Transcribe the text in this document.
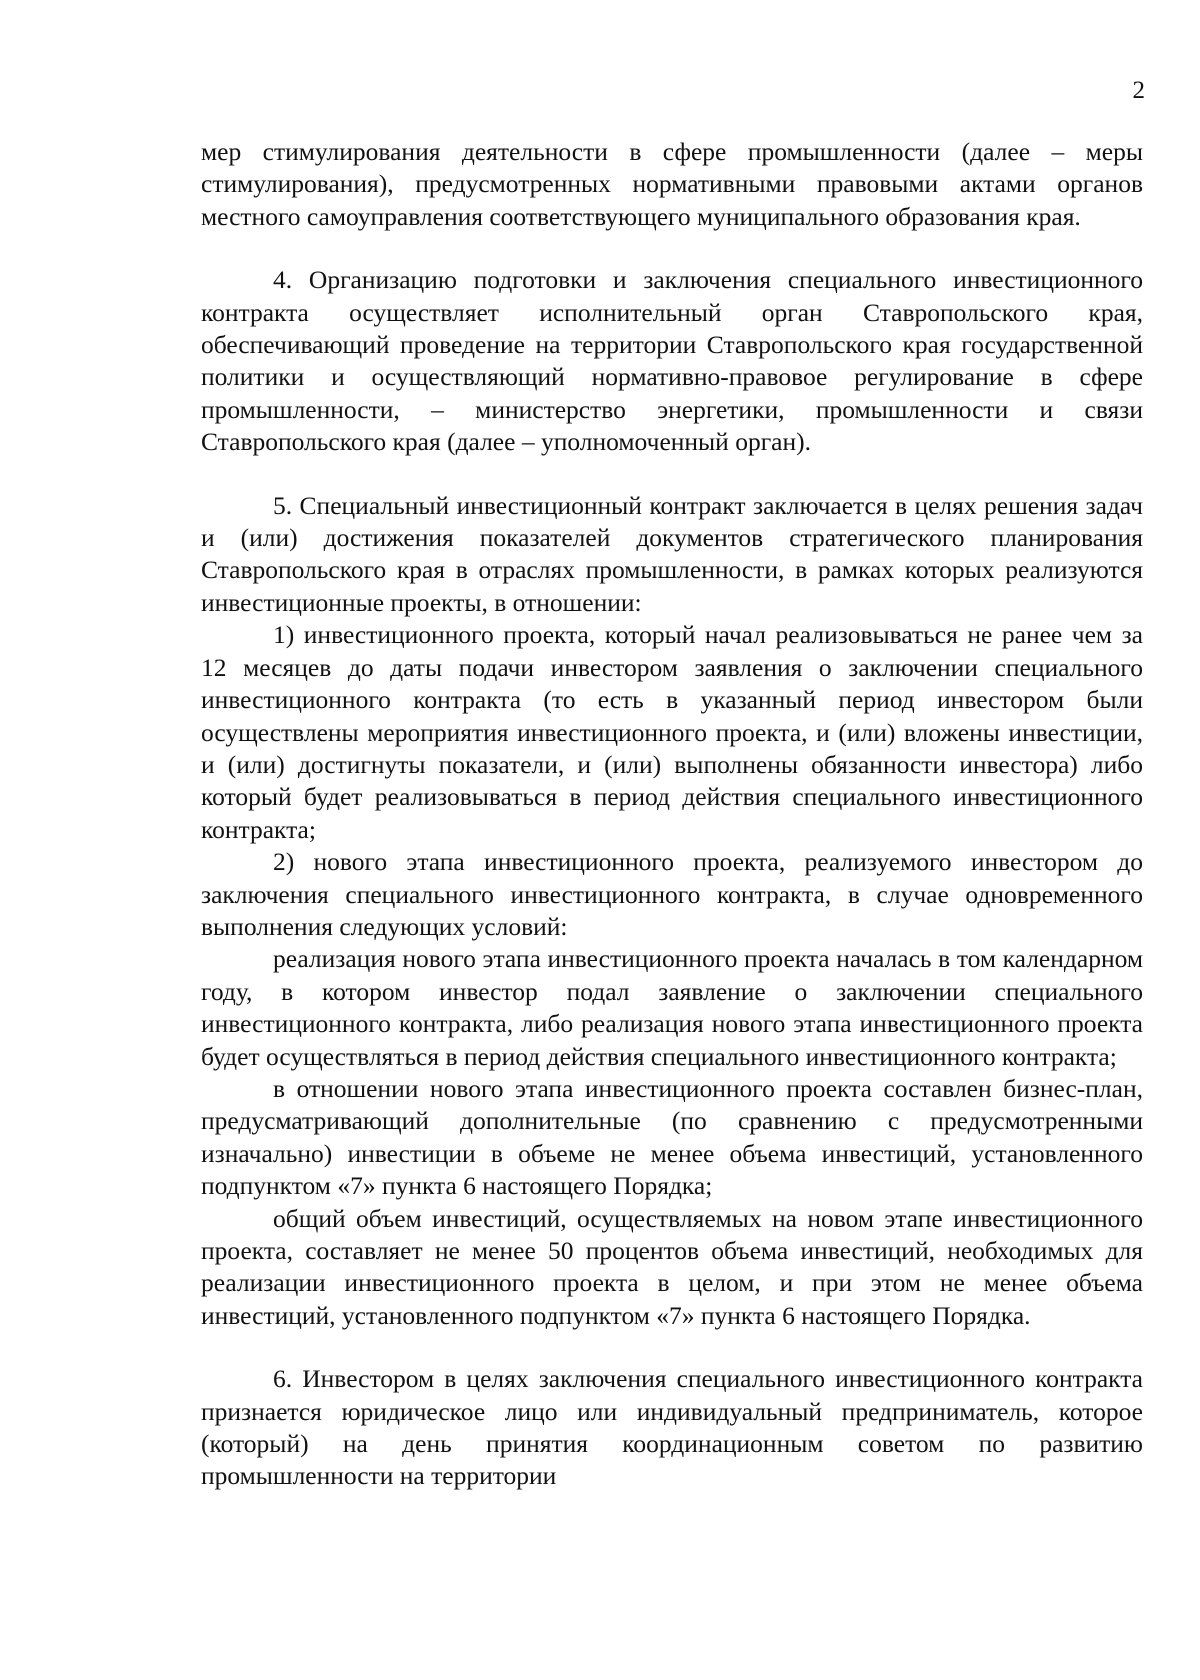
2

мер стимулирования деятельности в сфере промышленности (далее – меры стимулирования), предусмотренных нормативными правовыми актами органов местного самоуправления соответствующего муниципального образования края.

4. Организацию подготовки и заключения специального инвестиционного контракта осуществляет исполнительный орган Ставропольского края, обеспечивающий проведение на территории Ставропольского края государственной политики и осуществляющий нормативно-правовое регулирование в сфере промышленности, – министерство энергетики, промышленности и связи Ставропольского края (далее – уполномоченный орган).

5. Специальный инвестиционный контракт заключается в целях решения задач и (или) достижения показателей документов стратегического планирования Ставропольского края в отраслях промышленности, в рамках которых реализуются инвестиционные проекты, в отношении:

1) инвестиционного проекта, который начал реализовываться не ранее чем за 12 месяцев до даты подачи инвестором заявления о заключении специального инвестиционного контракта (то есть в указанный период инвестором были осуществлены мероприятия инвестиционного проекта, и (или) вложены инвестиции, и (или) достигнуты показатели, и (или) выполнены обязанности инвестора) либо который будет реализовываться в период действия специального инвестиционного контракта;

2) нового этапа инвестиционного проекта, реализуемого инвестором до заключения специального инвестиционного контракта, в случае одновременного выполнения следующих условий:

реализация нового этапа инвестиционного проекта началась в том календарном году, в котором инвестор подал заявление о заключении специального инвестиционного контракта, либо реализация нового этапа инвестиционного проекта будет осуществляться в период действия специального инвестиционного контракта;

в отношении нового этапа инвестиционного проекта составлен бизнес-план, предусматривающий дополнительные (по сравнению с предусмотренными изначально) инвестиции в объеме не менее объема инвестиций, установленного подпунктом «7» пункта 6 настоящего Порядка;

общий объем инвестиций, осуществляемых на новом этапе инвестиционного проекта, составляет не менее 50 процентов объема инвестиций, необходимых для реализации инвестиционного проекта в целом, и при этом не менее объема инвестиций, установленного подпунктом «7» пункта 6 настоящего Порядка.

6. Инвестором в целях заключения специального инвестиционного контракта признается юридическое лицо или индивидуальный предприниматель, которое (который) на день принятия координационным советом по развитию промышленности на территории
